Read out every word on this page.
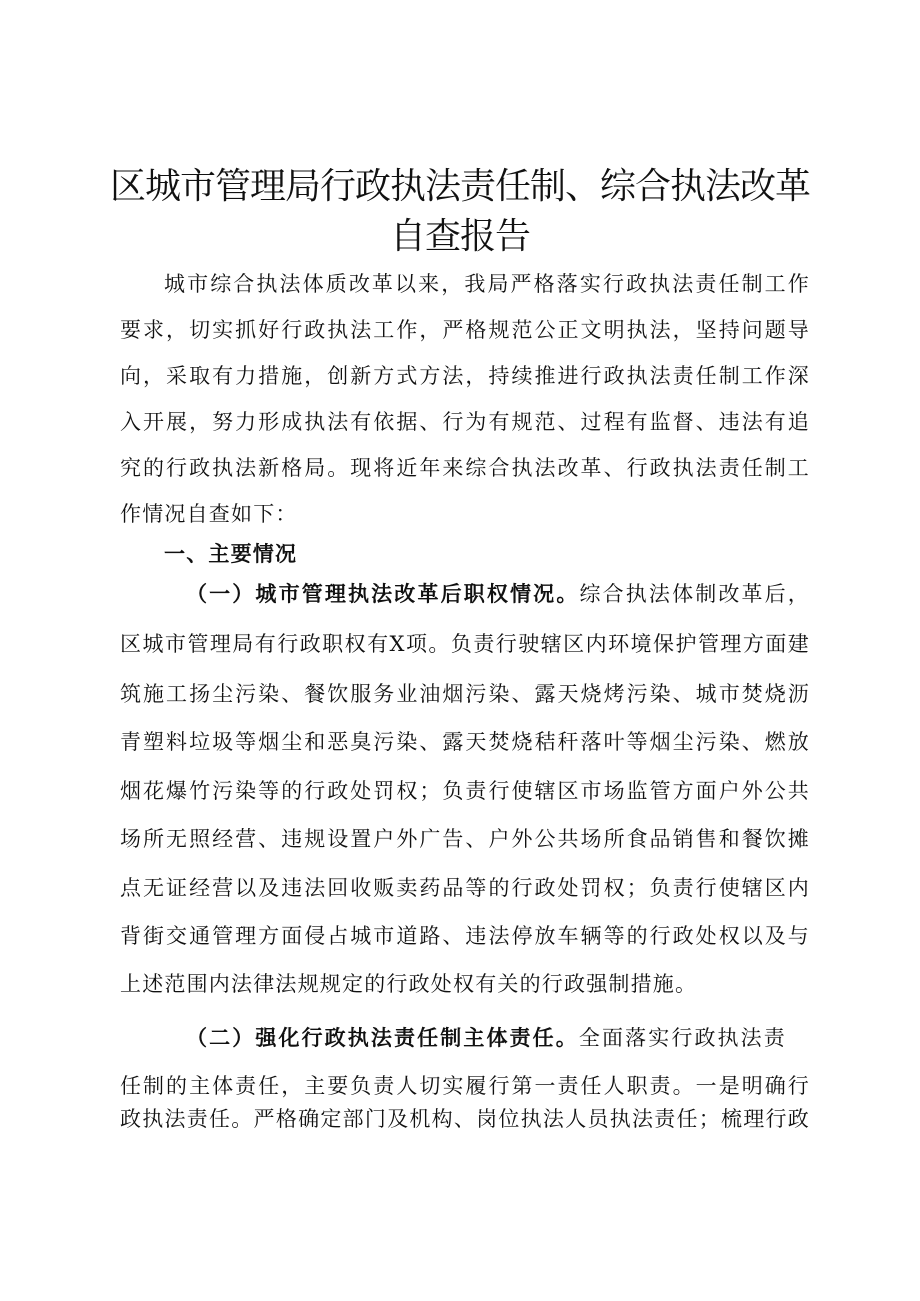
区城市管理局行政执法责任制、综合执法改革
自查报告
城市综合执法体质改革以来，我局严格落实行政执法责任制工作
要求，切实抓好行政执法工作，严格规范公正文明执法，坚持问题导
向，采取有力措施，创新方式方法，持续推进行政执法责任制工作深
入开展，努力形成执法有依据、行为有规范、过程有监督、违法有追
究的行政执法新格局。现将近年来综合执法改革、行政执法责任制工
作情况自查如下：
一、主要情况
（一）城市管理执法改革后职权情况。综合执法体制改革后，
区城市管理局有行政职权有X项。负责行驶辖区内环境保护管理方面建
筑施工扬尘污染、餐饮服务业油烟污染、露天烧烤污染、城市焚烧沥
青塑料垃圾等烟尘和恶臭污染、露天焚烧秸秆落叶等烟尘污染、燃放
烟花爆竹污染等的行政处罚权；负责行使辖区市场监管方面户外公共
场所无照经营、违规设置户外广告、户外公共场所食品销售和餐饮摊
点无证经营以及违法回收贩卖药品等的行政处罚权；负责行使辖区内
背街交通管理方面侵占城市道路、违法停放车辆等的行政处权以及与
上述范围内法律法规规定的行政处权有关的行政强制措施。
（二）强化行政执法责任制主体责任。全面落实行政执法责
任制的主体责任，主要负责人切实履行第一责任人职责。一是明确行
政执法责任。严格确定部门及机构、岗位执法人员执法责任；梳理行政
